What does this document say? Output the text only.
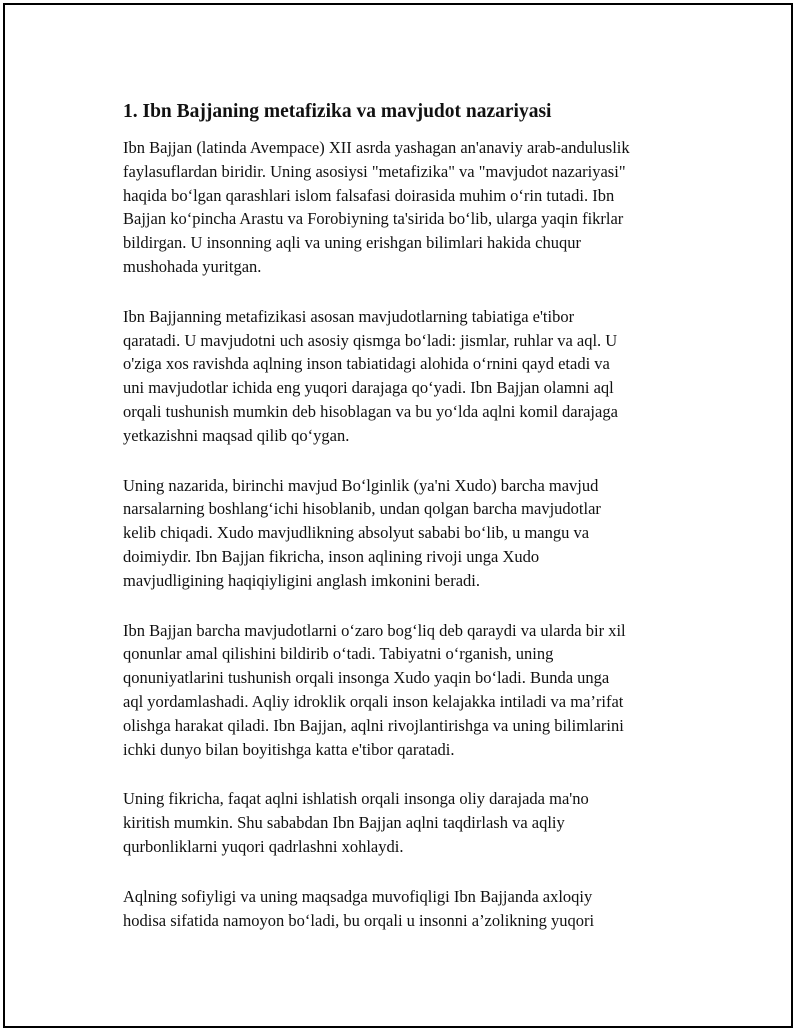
1. Ibn Bajjaning metafizika va mavjudot nazariyasi

Ibn Bajjan (latinda Avempace) XII asrda yashagan an'anaviy arab-anduluslik
faylasuflardan biridir. Uning asosiysi "metafizika" va "mavjudot nazariyasi"
haqida bo‘lgan qarashlari islom falsafasi doirasida muhim o‘rin tutadi. Ibn
Bajjan ko‘pincha Arastu va Forobiyning ta'sirida bo‘lib, ularga yaqin fikrlar
bildirgan. U insonning aqli va uning erishgan bilimlari hakida chuqur
mushohada yuritgan.

Ibn Bajjanning metafizikasi asosan mavjudotlarning tabiatiga e'tibor
qaratadi. U mavjudotni uch asosiy qismga bo‘ladi: jismlar, ruhlar va aql. U
o'ziga xos ravishda aqlning inson tabiatidagi alohida o‘rnini qayd etadi va
uni mavjudotlar ichida eng yuqori darajaga qo‘yadi. Ibn Bajjan olamni aql
orqali tushunish mumkin deb hisoblagan va bu yo‘lda aqlni komil darajaga
yetkazishni maqsad qilib qo‘ygan.

Uning nazarida, birinchi mavjud Bo‘lginlik (ya'ni Xudo) barcha mavjud
narsalarning boshlang‘ichi hisoblanib, undan qolgan barcha mavjudotlar
kelib chiqadi. Xudo mavjudlikning absolyut sababi bo‘lib, u mangu va
doimiydir. Ibn Bajjan fikricha, inson aqlining rivoji unga Xudo
mavjudligining haqiqiyligini anglash imkonini beradi.

Ibn Bajjan barcha mavjudotlarni o‘zaro bog‘liq deb qaraydi va ularda bir xil
qonunlar amal qilishini bildirib o‘tadi. Tabiyatni o‘rganish, uning
qonuniyatlarini tushunish orqali insonga Xudo yaqin bo‘ladi. Bunda unga
aql yordamlashadi. Aqliy idroklik orqali inson kelajakka intiladi va ma’rifat
olishga harakat qiladi. Ibn Bajjan, aqlni rivojlantirishga va uning bilimlarini
ichki dunyo bilan boyitishga katta e'tibor qaratadi.

Uning fikricha, faqat aqlni ishlatish orqali insonga oliy darajada ma'no
kiritish mumkin. Shu sababdan Ibn Bajjan aqlni taqdirlash va aqliy
qurbonliklarni yuqori qadrlashni xohlaydi.

Aqlning sofiyligi va uning maqsadga muvofiqligi Ibn Bajjanda axloqiy
hodisa sifatida namoyon bo‘ladi, bu orqali u insonni a’zolikning yuqori
